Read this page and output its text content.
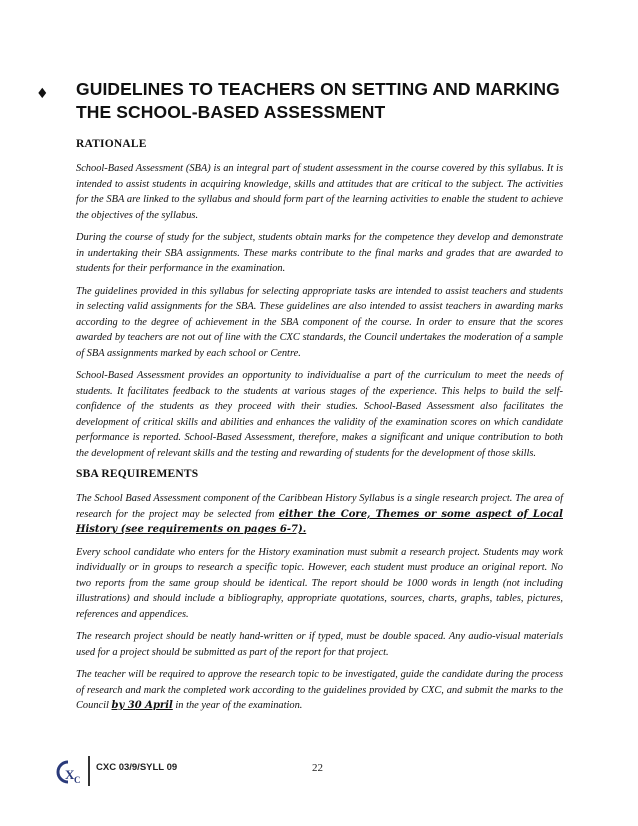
♦ GUIDELINES TO TEACHERS ON SETTING AND MARKING THE SCHOOL-BASED ASSESSMENT
RATIONALE

School-Based Assessment (SBA) is an integral part of student assessment in the course covered by this syllabus. It is intended to assist students in acquiring knowledge, skills and attitudes that are critical to the subject. The activities for the SBA are linked to the syllabus and should form part of the learning activities to enable the student to achieve the objectives of the syllabus.

During the course of study for the subject, students obtain marks for the competence they develop and demonstrate in undertaking their SBA assignments. These marks contribute to the final marks and grades that are awarded to students for their performance in the examination.

The guidelines provided in this syllabus for selecting appropriate tasks are intended to assist teachers and students in selecting valid assignments for the SBA. These guidelines are also intended to assist teachers in awarding marks according to the degree of achievement in the SBA component of the course. In order to ensure that the scores awarded by teachers are not out of line with the CXC standards, the Council undertakes the moderation of a sample of SBA assignments marked by each school or Centre.

School-Based Assessment provides an opportunity to individualise a part of the curriculum to meet the needs of students. It facilitates feedback to the students at various stages of the experience. This helps to build the self-confidence of the students as they proceed with their studies. School-Based Assessment also facilitates the development of critical skills and abilities and enhances the validity of the examination scores on which candidate performance is reported. School-Based Assessment, therefore, makes a significant and unique contribution to both the development of relevant skills and the testing and rewarding of students for the development of those skills.

SBA REQUIREMENTS

The School Based Assessment component of the Caribbean History Syllabus is a single research project. The area of research for the project may be selected from either the Core, Themes or some aspect of Local History (see requirements on pages 6-7).

Every school candidate who enters for the History examination must submit a research project. Students may work individually or in groups to research a specific topic. However, each student must produce an original report. No two reports from the same group should be identical. The report should be 1000 words in length (not including illustrations) and should include a bibliography, appropriate quotations, sources, charts, graphs, tables, pictures, references and appendices.

The research project should be neatly hand-written or if typed, must be double spaced. Any audio-visual materials used for a project should be submitted as part of the report for that project.

The teacher will be required to approve the research topic to be investigated, guide the candidate during the process of research and mark the completed work according to the guidelines provided by CXC, and submit the marks to the Council by 30 April in the year of the examination.

X C
CXC 03/9/SYLL 09	22
